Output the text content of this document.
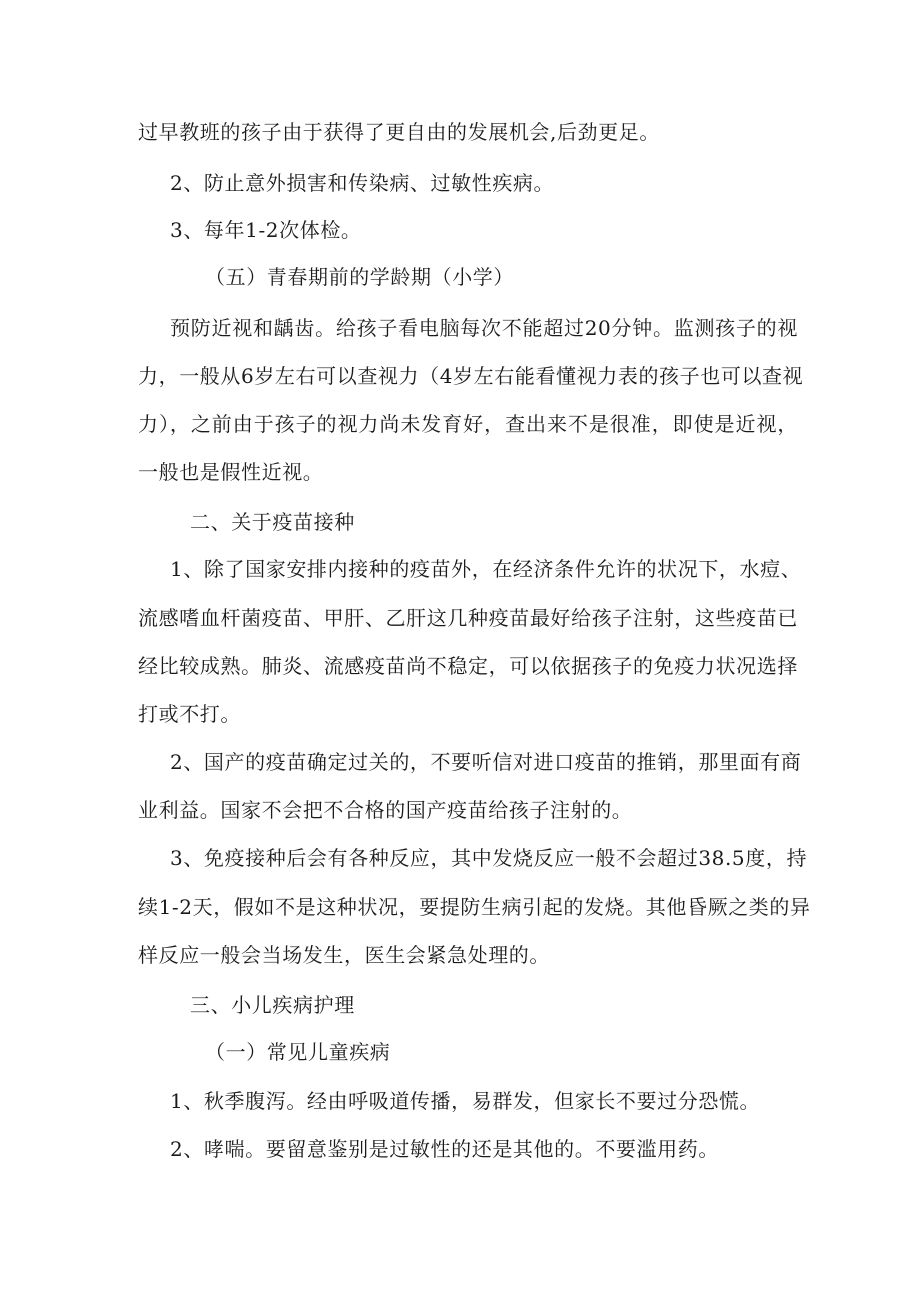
过早教班的孩子由于获得了更自由的发展机会,后劲更足。
2、防止意外损害和传染病、过敏性疾病。
3、每年1-2次体检。
（五）青春期前的学龄期（小学）
预防近视和龋齿。给孩子看电脑每次不能超过20分钟。监测孩子的视
力，一般从6岁左右可以查视力（4岁左右能看懂视力表的孩子也可以查视
力），之前由于孩子的视力尚未发育好，查出来不是很准，即使是近视，
一般也是假性近视。
二、关于疫苗接种
1、除了国家安排内接种的疫苗外，在经济条件允许的状况下，水痘、
流感嗜血杆菌疫苗、甲肝、乙肝这几种疫苗最好给孩子注射，这些疫苗已
经比较成熟。肺炎、流感疫苗尚不稳定，可以依据孩子的免疫力状况选择
打或不打。
2、国产的疫苗确定过关的，不要听信对进口疫苗的推销，那里面有商
业利益。国家不会把不合格的国产疫苗给孩子注射的。
3、免疫接种后会有各种反应，其中发烧反应一般不会超过38.5度，持
续1-2天，假如不是这种状况，要提防生病引起的发烧。其他昏厥之类的异
样反应一般会当场发生，医生会紧急处理的。
三、小儿疾病护理
（一）常见儿童疾病
1、秋季腹泻。经由呼吸道传播，易群发，但家长不要过分恐慌。
2、哮喘。要留意鉴别是过敏性的还是其他的。不要滥用药。
